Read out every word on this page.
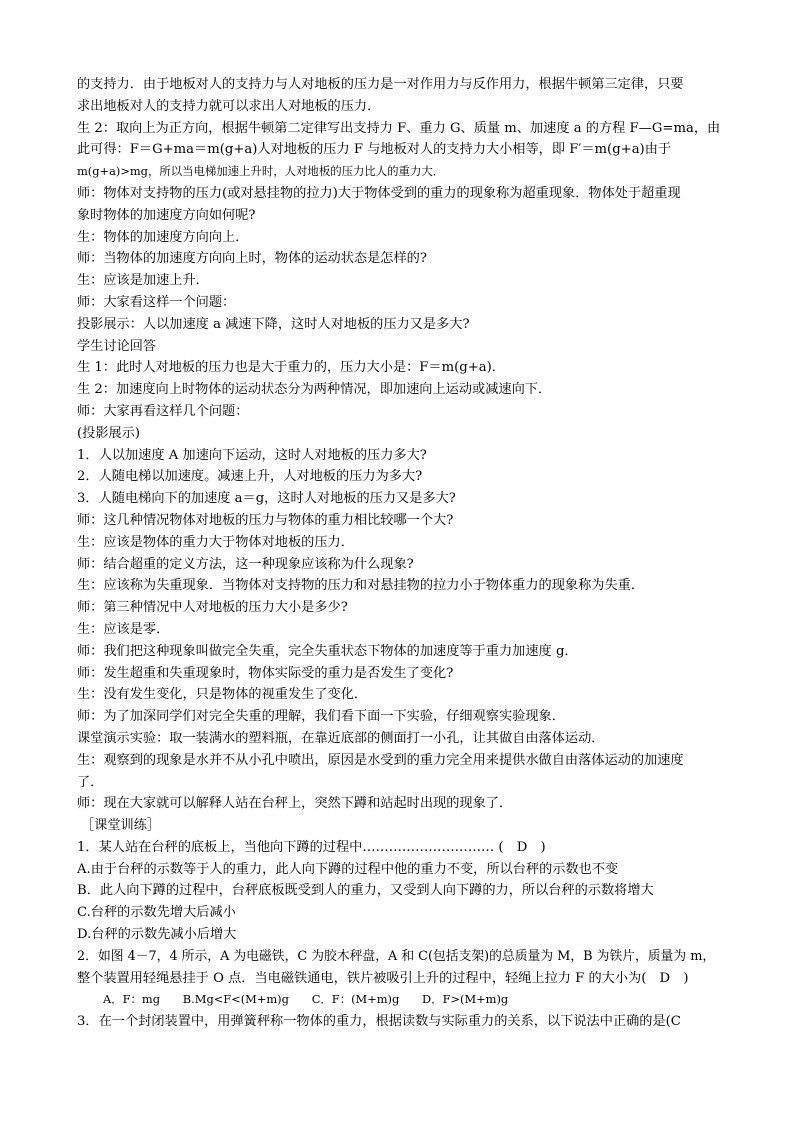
的支持力．由于地板对人的支持力与人对地板的压力是一对作用力与反作用力，根据牛顿第三定律，只要
求出地板对人的支持力就可以求出人对地板的压力．
生 2：取向上为正方向，根据牛顿第二定律写出支持力 F、重力 G、质量 m、加速度 a 的方程 F—G=ma，由
此可得：F＝G+ma＝m(g+a)人对地板的压力 F 与地板对人的支持力大小相等，即 F′＝m(g+a)由于
m(g+a)>mg，所以当电梯加速上升时，人对地板的压力比人的重力大．
师：物体对支持物的压力(或对悬挂物的拉力)大于物体受到的重力的现象称为超重现象．物体处于超重现
象时物体的加速度方向如何呢?
生：物体的加速度方向向上．
师：当物体的加速度方向向上时，物体的运动状态是怎样的?
生：应该是加速上升．
师：大家看这样一个问题：
投影展示：人以加速度 a 减速下降，这时人对地板的压力又是多大?
学生讨论回答
生 1：此时人对地板的压力也是大于重力的，压力大小是：F＝m(g+a)．
生 2：加速度向上时物体的运动状态分为两种情况，即加速向上运动或减速向下．
师：大家再看这样几个问题：
(投影展示)
1．人以加速度 A 加速向下运动，这时人对地板的压力多大?
2．人随电梯以加速度。减速上升，人对地板的压力为多大?
3．人随电梯向下的加速度 a＝g，这时人对地板的压力又是多大?
师：这几种情况物体对地板的压力与物体的重力相比较哪一个大?
生：应该是物体的重力大于物体对地板的压力．
师：结合超重的定义方法，这一种现象应该称为什么现象?
生：应该称为失重现象．当物体对支持物的压力和对悬挂物的拉力小于物体重力的现象称为失重．
师：第三种情况中人对地板的压力大小是多少?
生：应该是零．
师：我们把这种现象叫做完全失重，完全失重状态下物体的加速度等于重力加速度 g．
师：发生超重和失重现象时，物体实际受的重力是否发生了变化?
生：没有发生变化，只是物体的视重发生了变化．
师：为了加深同学们对完全失重的理解，我们看下面一下实验，仔细观察实验现象．
课堂演示实验：取一装满水的塑料瓶，在靠近底部的侧面打一小孔，让其做自由落体运动．
生：观察到的现象是水并不从小孔中喷出，原因是水受到的重力完全用来提供水做自由落体运动的加速度
了．
师：现在大家就可以解释人站在台秤上，突然下蹲和站起时出现的现象了．
［课堂训练］
1．某人站在台秤的底板上，当他向下蹲的过程中………………………… (　D　)
A.由于台秤的示数等于人的重力，此人向下蹲的过程中他的重力不变，所以台秤的示数也不变
B．此人向下蹲的过程中，台秤底板既受到人的重力，又受到人向下蹲的力，所以台秤的示数将增大
C.台秤的示数先增大后减小
D.台秤的示数先减小后增大
2．如图 4－7，4 所示，A 为电磁铁，C 为胶木秤盘，A 和 C(包括支架)的总质量为 M，B 为铁片，质量为 m，
整个装置用轻绳悬挂于 O 点．当电磁铁通电，铁片被吸引上升的过程中，轻绳上拉力 F 的大小为(　D　)
A．F：mg　　B.Mg<F<(M+m)g　　C．F：(M+m)g　　D．F>(M+m)g
3．在一个封闭装置中，用弹簧秤称一物体的重力，根据读数与实际重力的关系，以下说法中正确的是(C
